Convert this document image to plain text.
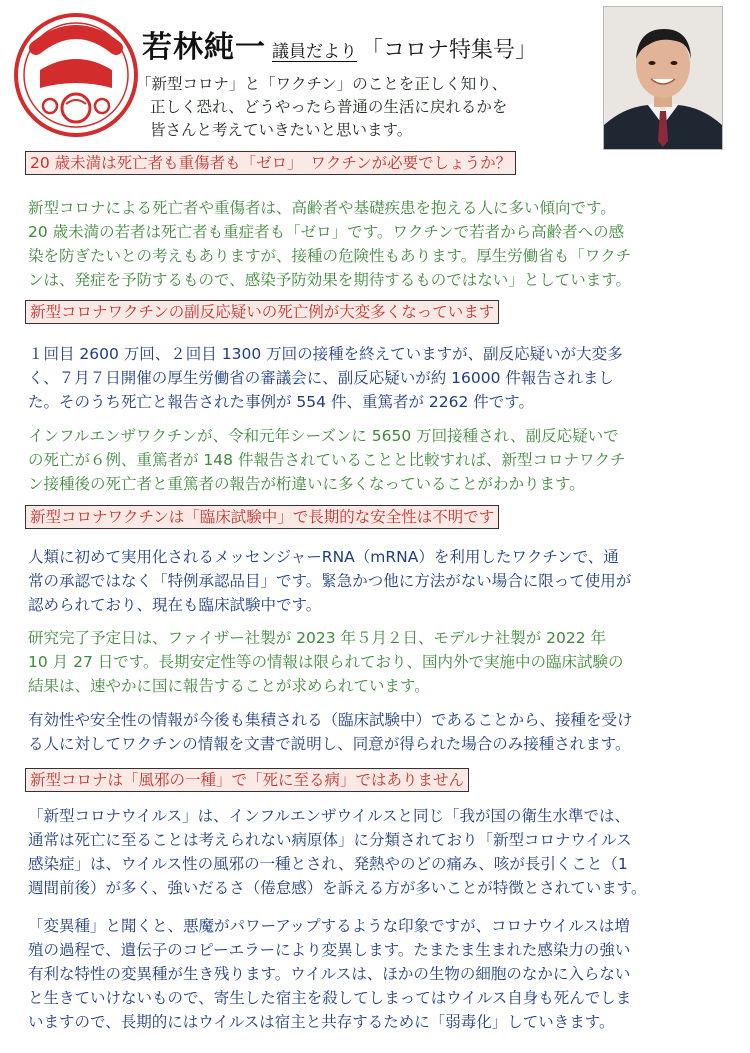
若林純一 議員だより 「コロナ特集号」

「新型コロナ」と「ワクチン」のことを正しく知り、

正しく恐れ、どうやったら普通の生活に戻れるかを

皆さんと考えていきたいと思います。

20 歳未満は死亡者も重傷者も「ゼロ」　ワクチンが必要でしょうか？
新型コロナによる死亡者や重傷者は、高齢者や基礎疾患を抱える人に多い傾向です。
20 歳未満の若者は死亡者も重症者も「ゼロ」です。ワクチンで若者から高齢者への感
染を防ぎたいとの考えもありますが、接種の危険性もあります。厚生労働省も「ワクチ
ンは、発症を予防するもので、感染予防効果を期待するものではない」としています。
新型コロナワクチンの副反応疑いの死亡例が大変多くなっています
１回目 2600 万回、２回目 1300 万回の接種を終えていますが、副反応疑いが大変多
く、７月７日開催の厚生労働省の審議会に、副反応疑いが約 16000 件報告されまし
た。そのうち死亡と報告された事例が 554 件、重篤者が 2262 件です。
インフルエンザワクチンが、令和元年シーズンに 5650 万回接種され、副反応疑いで
の死亡が６例、重篤者が 148 件報告されていることと比較すれば、新型コロナワクチ
ン接種後の死亡者と重篤者の報告が桁違いに多くなっていることがわかります。
新型コロナワクチンは「臨床試験中」で長期的な安全性は不明です
人類に初めて実用化されるメッセンジャーRNA（mRNA）を利用したワクチンで、通
常の承認ではなく「特例承認品目」です。緊急かつ他に方法がない場合に限って使用が
認められており、現在も臨床試験中です。
研究完了予定日は、ファイザー社製が 2023 年５月２日、モデルナ社製が 2022 年
10 月 27 日です。長期安定性等の情報は限られており、国内外で実施中の臨床試験の
結果は、速やかに国に報告することが求められています。
有効性や安全性の情報が今後も集積される（臨床試験中）であることから、接種を受け
る人に対してワクチンの情報を文書で説明し、同意が得られた場合のみ接種されます。
新型コロナは「風邪の一種」で「死に至る病」ではありません
「新型コロナウイルス」は、インフルエンザウイルスと同じ「我が国の衛生水準では、
通常は死亡に至ることは考えられない病原体」に分類されており「新型コロナウイルス
感染症」は、ウイルス性の風邪の一種とされ、発熱やのどの痛み、咳が長引くこと（1
週間前後）が多く、強いだるさ（倦怠感）を訴える方が多いことが特徴とされています。
「変異種」と聞くと、悪魔がパワーアップするような印象ですが、コロナウイルスは増
殖の過程で、遺伝子のコピーエラーにより変異します。たまたま生まれた感染力の強い
有利な特性の変異種が生き残ります。ウイルスは、ほかの生物の細胞のなかに入らない
と生きていけないもので、寄生した宿主を殺してしまってはウイルス自身も死んでしま
いますので、長期的にはウイルスは宿主と共存するために「弱毒化」していきます。
